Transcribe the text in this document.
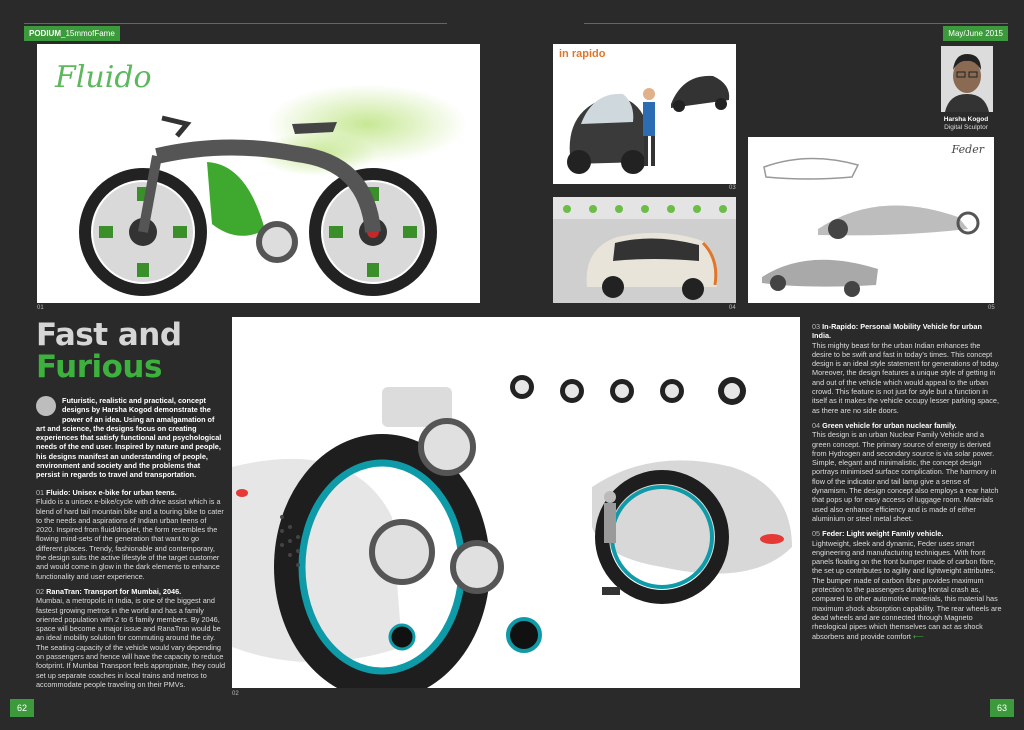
PODIUM_15mmofFame	May/June 2015
Fluido
01
in rapido
03
Harsha Kogod
Digital Sculptor
Feder
05
04
Fast and
Furious
Futuristic, realistic and practical, concept designs by Harsha Kogod demonstrate the power of an idea. Using an amalgamation of art and science, the designs focus on creating experiences that satisfy functional and psychological needs of the end user. Inspired by nature and people, his designs manifest an understanding of people, environment and society and the problems that persist in regards to travel and transportation.

01 Fluido: Unisex e-bike for urban teens.
Fluido is a unisex e-bike/cycle with drive assist which is a blend of hard tail mountain bike and a touring bike to cater to the needs and aspirations of Indian urban teens of 2020. Inspired from fluid/droplet, the form resembles the flowing mind-sets of the generation that want to go different places. Trendy, fashionable and contemporary, the design suits the active lifestyle of the target customer and would come in glow in the dark elements to enhance functionality and user experience.

02 RanaTran: Transport for Mumbai, 2046.
Mumbai, a metropolis in India, is one of the biggest and fastest growing metros in the world and has a family oriented population with 2 to 6 family members. By 2046, space will become a major issue and RanaTran would be an ideal mobility solution for commuting around the city. The seating capacity of the vehicle would vary depending on passengers and hence will have the capacity to reduce footprint. If Mumbai Transport feels appropriate, they could set up separate coaches in local trains and metros to accommodate people traveling on their PMVs.

02

03 In-Rapido: Personal Mobility Vehicle for urban India.
This mighty beast for the urban Indian enhances the desire to be swift and fast in today's times. This concept design is an ideal style statement for generations of today. Moreover, the design features a unique style of getting in and out of the vehicle which would appeal to the urban crowd. This feature is not just for style but a function in itself as it makes the vehicle occupy lesser parking space, as there are no side doors.

04 Green vehicle for urban nuclear family.
This design is an urban Nuclear Family Vehicle and a green concept. The primary source of energy is derived from Hydrogen and secondary source is via solar power. Simple, elegant and minimalistic, the concept design portrays minimised surface complication. The harmony in flow of the indicator and tail lamp give a sense of dynamism. The design concept also employs a rear hatch that pops up for easy access of luggage room. Materials used also enhance efficiency and is made of either aluminium or steel metal sheet.

05 Feder: Light weight Family vehicle.
Lightweight, sleek and dynamic, Feder uses smart engineering and manufacturing techniques. With front panels floating on the front bumper made of carbon fibre, the set up contributes to agility and lightweight attributes. The bumper made of carbon fibre provides maximum protection to the passengers during frontal crash as, compared to other automotive materials, this material has maximum shock absorption capability. The rear wheels are dead wheels and are connected through Magneto rheological pipes which themselves can act as shock absorbers and provide comfort ⟵

62	63
